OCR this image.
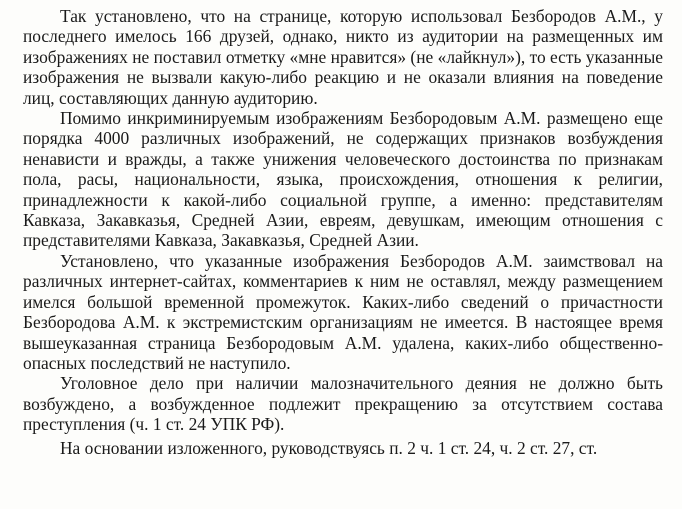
Так установлено, что на странице, которую использовал Безбородов А.М., у последнего имелось 166 друзей, однако, никто из аудитории на размещенных им изображениях не поставил отметку «мне нравится» (не «лайкнул»), то есть указанные изображения не вызвали какую-либо реакцию и не оказали влияния на поведение лиц, составляющих данную аудиторию.

Помимо инкриминируемым изображениям Безбородовым А.М. размещено еще порядка 4000 различных изображений, не содержащих признаков возбуждения ненависти и вражды, а также унижения человеческого достоинства по признакам пола, расы, национальности, языка, происхождения, отношения к религии, принадлежности к какой-либо социальной группе, а именно: представителям Кавказа, Закавказья, Средней Азии, евреям, девушкам, имеющим отношения с представителями Кавказа, Закавказья, Средней Азии.

Установлено, что указанные изображения Безбородов А.М. заимствовал на различных интернет-сайтах, комментариев к ним не оставлял, между размещением имелся большой временной промежуток. Каких-либо сведений о причастности Безбородова А.М. к экстремистским организациям не имеется. В настоящее время вышеуказанная страница Безбородовым А.М. удалена, каких-либо общественно-опасных последствий не наступило.

Уголовное дело при наличии малозначительного деяния не должно быть возбуждено, а возбужденное подлежит прекращению за отсутствием состава преступления (ч. 1 ст. 24 УПК РФ).

На основании изложенного, руководствуясь п. 2 ч. 1 ст. 24, ч. 2 ст. 27, ст.
